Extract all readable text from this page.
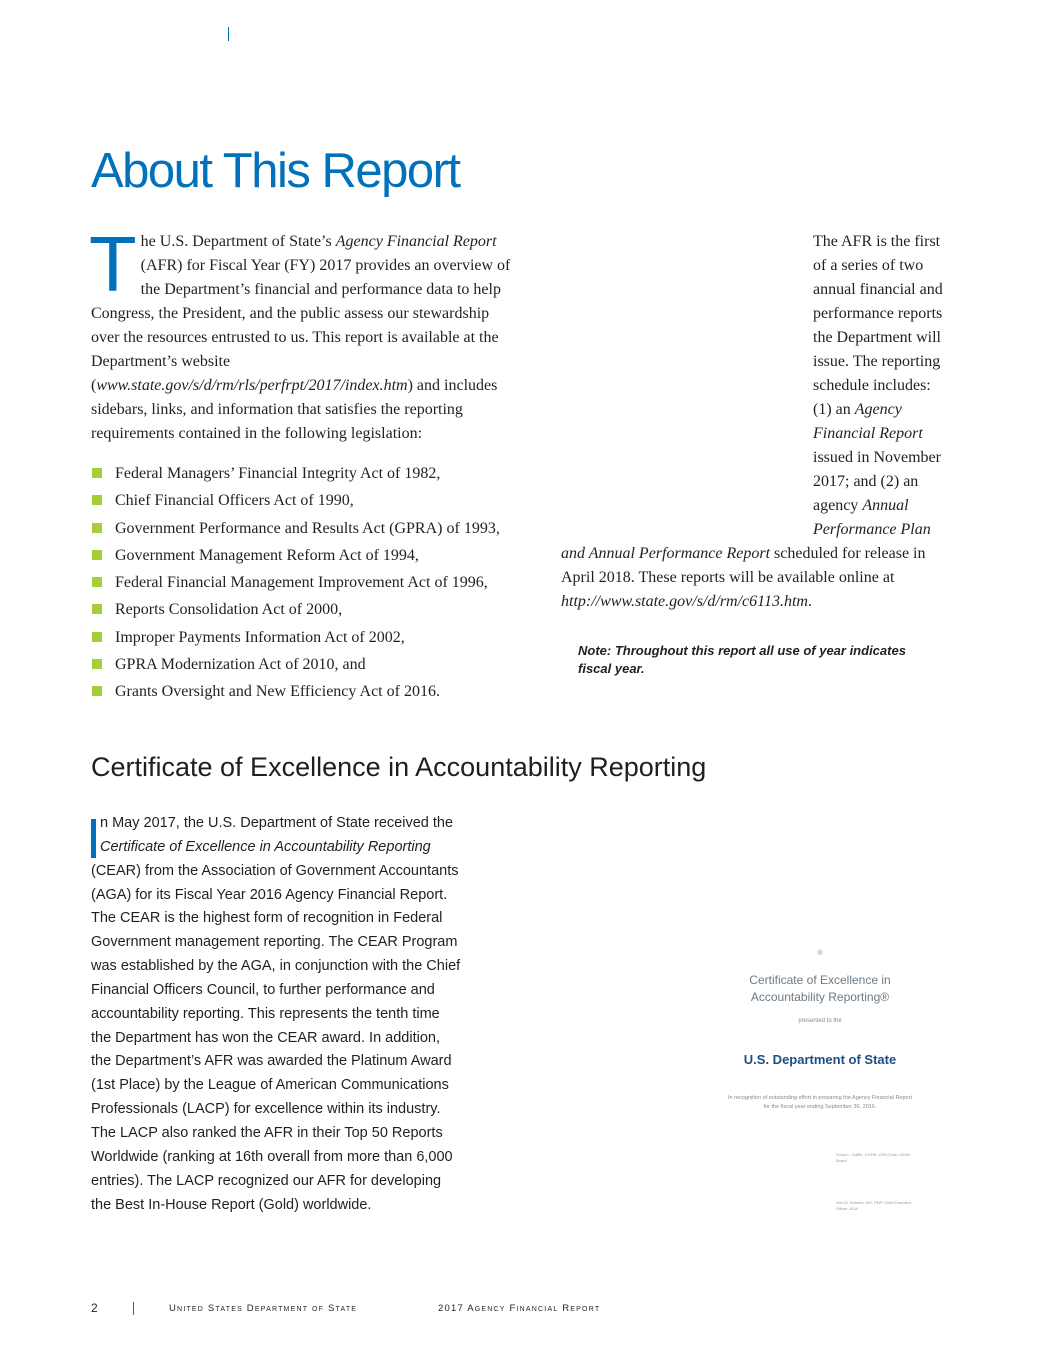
About This Report

The U.S. Department of State’s Agency Financial Report (AFR) for Fiscal Year (FY) 2017 provides an overview of the Department’s financial and performance data to help Congress, the President, and the public assess our stewardship over the resources entrusted to us. This report is available at the Department’s website (www.state.gov/s/d/rm/rls/perfrpt/2017/index.htm) and includes sidebars, links, and information that satisfies the reporting requirements contained in the following legislation:

Federal Managers’ Financial Integrity Act of 1982,
Chief Financial Officers Act of 1990,
Government Performance and Results Act (GPRA) of 1993,
Government Management Reform Act of 1994,
Federal Financial Management Improvement Act of 1996,
Reports Consolidation Act of 2000,
Improper Payments Information Act of 2002,
GPRA Modernization Act of 2010, and
Grants Oversight and New Efficiency Act of 2016.

The AFR is the first of a series of two annual financial and performance reports the Department will issue. The reporting schedule includes: (1) an Agency Financial Report issued in November 2017; and (2) an agency Annual Performance Plan and Annual Performance Report scheduled for release in April 2018. These reports will be available online at http://www.state.gov/s/d/rm/c6113.htm.

Note: Throughout this report all use of year indicates fiscal year.

Certificate of Excellence in Accountability Reporting

n May 2017, the U.S. Department of State received the Certificate of Excellence in Accountability Reporting (CEAR) from the Association of Government Accountants (AGA) for its Fiscal Year 2016 Agency Financial Report. The CEAR is the highest form of recognition in Federal Government management reporting. The CEAR Program was established by the AGA, in conjunction with the Chief Financial Officers Council, to further performance and accountability reporting. This represents the tenth time the Department has won the CEAR award. In addition, the Department’s AFR was awarded the Platinum Award (1st Place) by the League of American Communications Professionals (LACP) for excellence within its industry. The LACP also ranked the AFR in their Top 50 Reports Worldwide (ranking at 16th overall from more than 6,000 entries). The LACP recognized our AFR for developing the Best In-House Report (Gold) worldwide.

®
Certificate of Excellence in Accountability Reporting®
presented to the
U.S. Department of State
In recognition of outstanding effort in preparing the Agency Financial Report for the fiscal year ending September 30, 2016.
Sonia L. Gaffie, CGFM, CPA Chair, CEAR Board
Ann M. Ebberts, MS, PMP Chief Executive Officer, AGA
2	United States Department of State	2017 Agency Financial Report
